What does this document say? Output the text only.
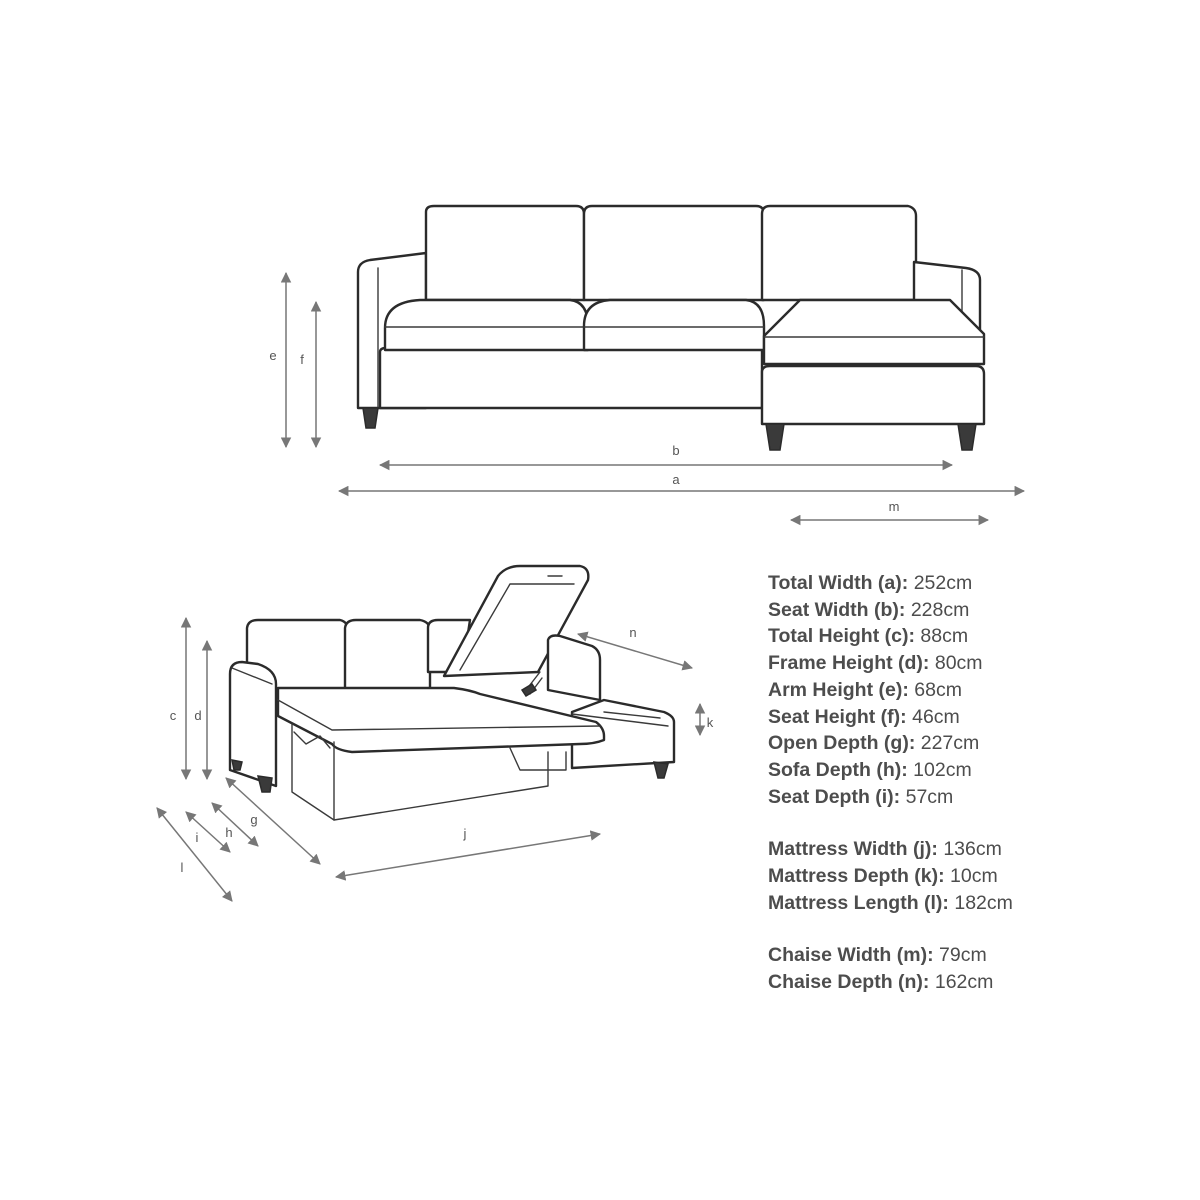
e f
b
a
m
c d	k
n
j
g
h
i
l
Total Width (a): 252cm
Seat Width (b): 228cm
Total Height (c): 88cm
Frame Height (d): 80cm
Arm Height (e): 68cm
Seat Height (f): 46cm
Open Depth (g): 227cm
Sofa Depth (h): 102cm
Seat Depth (i): 57cm
Mattress Width (j): 136cm
Mattress Depth (k): 10cm
Mattress Length (l): 182cm
Chaise Width (m): 79cm
Chaise Depth (n): 162cm
